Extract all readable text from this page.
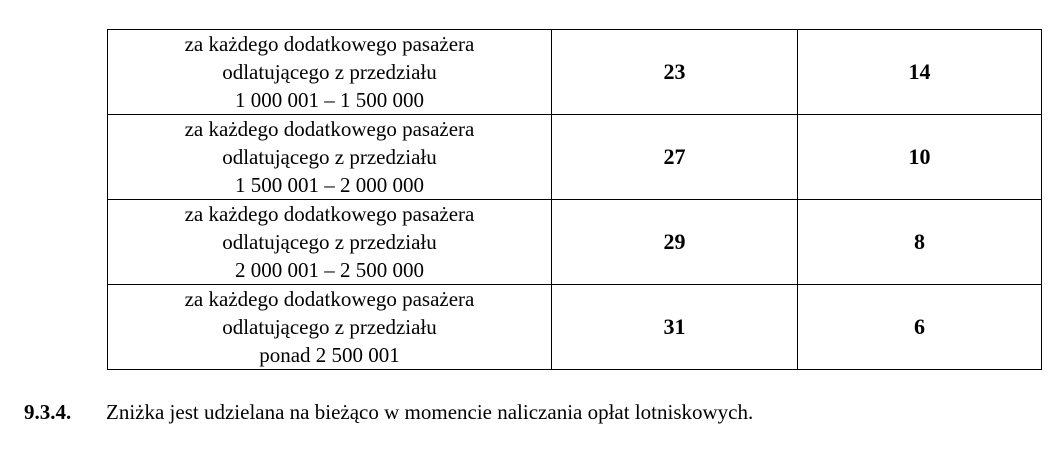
za każdego dodatkowego pasażera
odlatującego z przedziału
1 000 001 – 1 500 000	23	14

za każdego dodatkowego pasażera
odlatującego z przedziału
1 500 001 – 2 000 000	27	10

za każdego dodatkowego pasażera
odlatującego z przedziału
2 000 001 – 2 500 000	29	8

za każdego dodatkowego pasażera
odlatującego z przedziału
ponad 2 500 001	31	6
9.3.4. Zniżka jest udzielana na bieżąco w momencie naliczania opłat lotniskowych.
